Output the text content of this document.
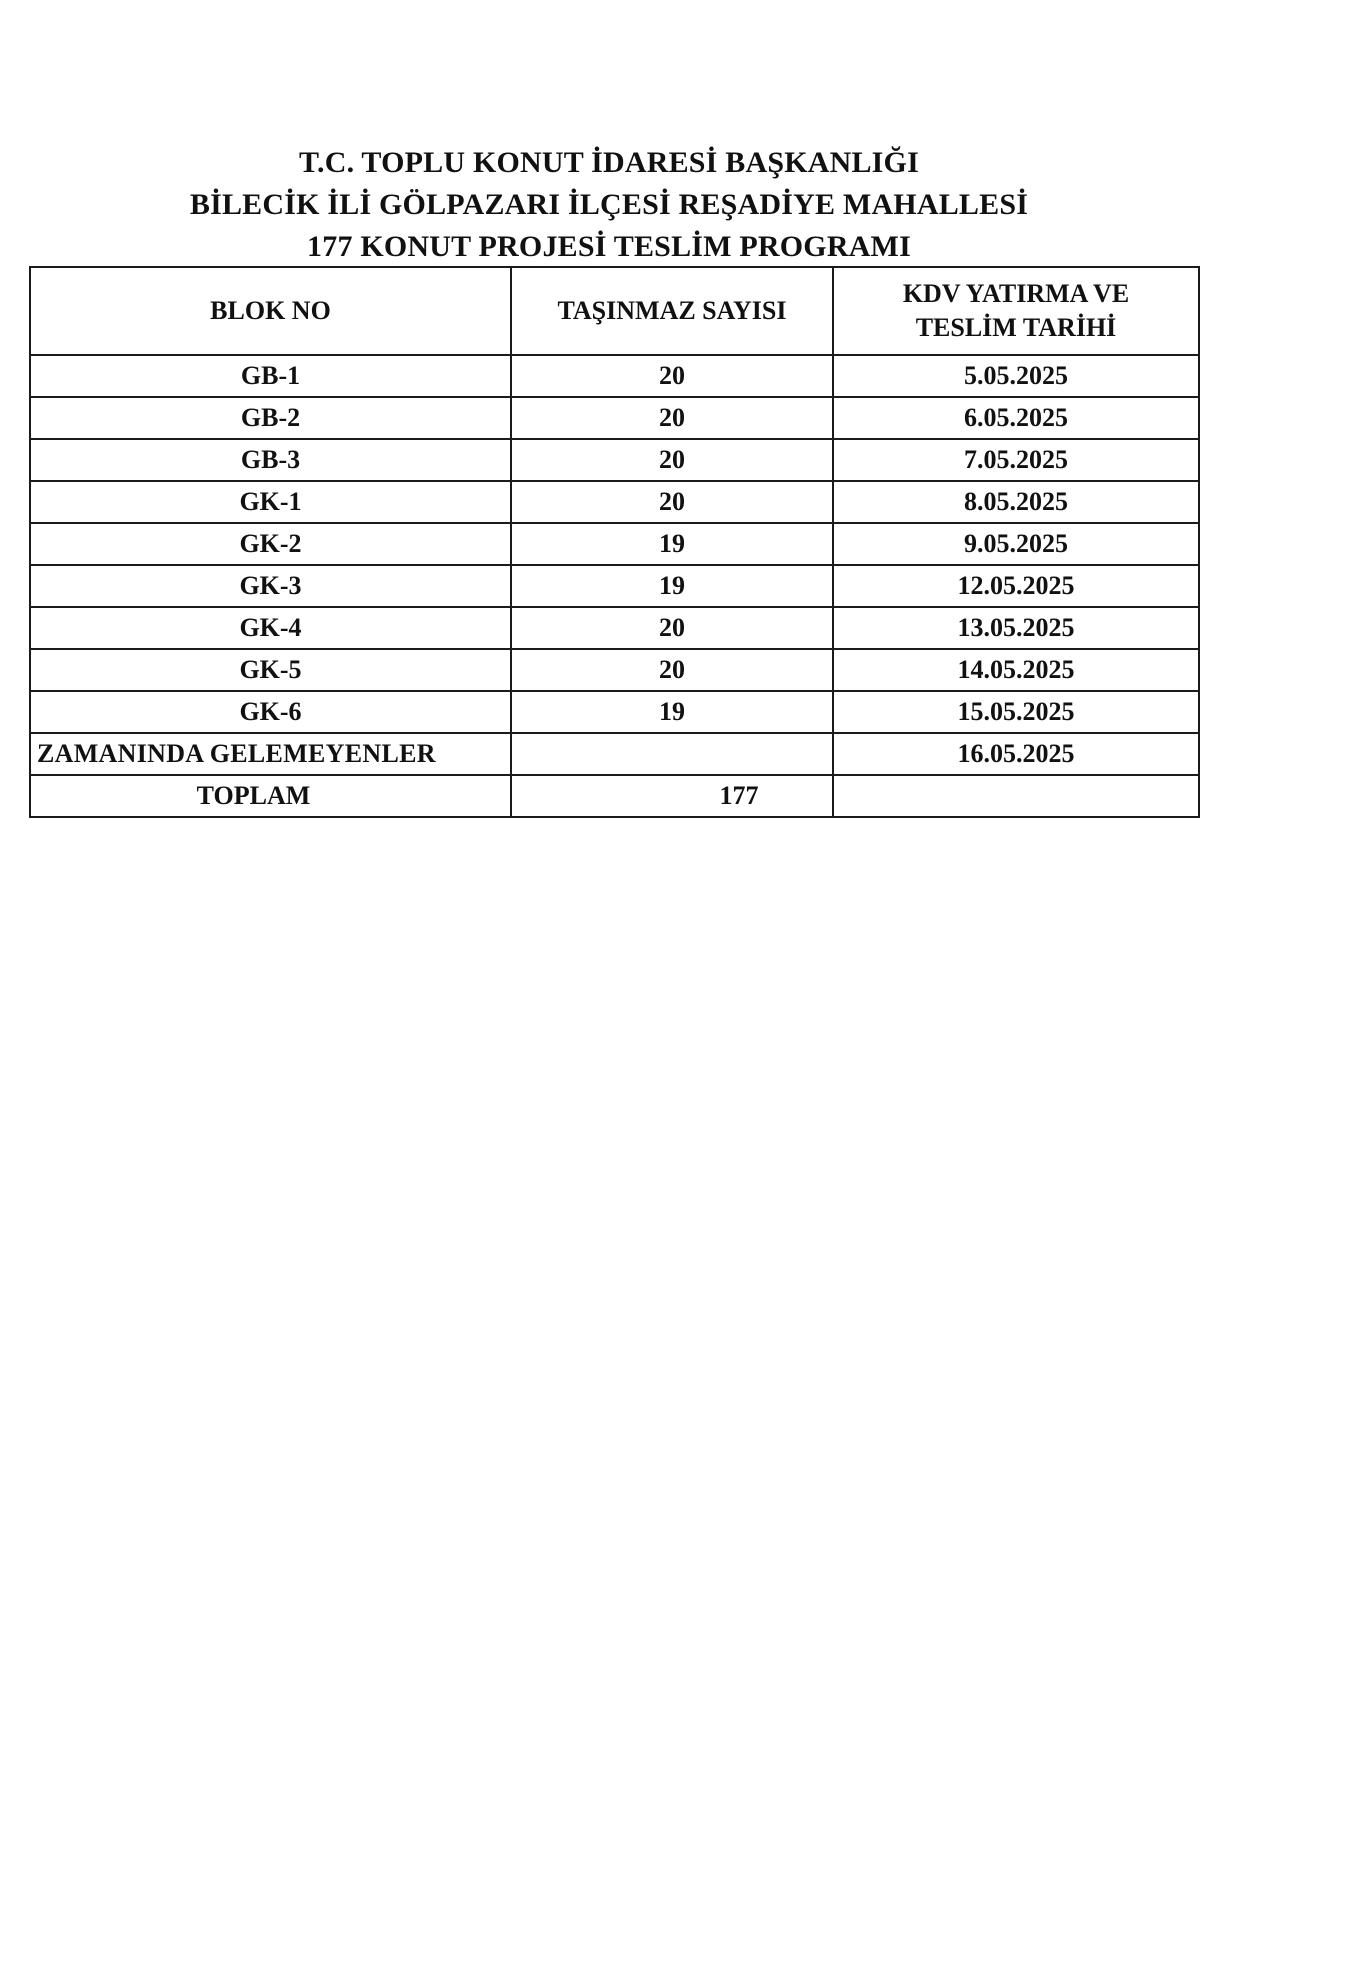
T.C. TOPLU KONUT İDARESİ BAŞKANLIĞI
BİLECİK İLİ GÖLPAZARI İLÇESİ REŞADİYE MAHALLESİ
177 KONUT PROJESİ TESLİM PROGRAMI
BLOK NO	TAŞINMAZ SAYISI	KDV YATIRMA VE
TESLİM TARİHİ

GB-1	20	5.05.2025
GB-2	20	6.05.2025
GB-3	20	7.05.2025
GK-1	20	8.05.2025
GK-2	19	9.05.2025
GK-3	19	12.05.2025
GK-4	20	13.05.2025
GK-5	20	14.05.2025
GK-6	19	15.05.2025
ZAMANINDA GELEMEYENLER		16.05.2025
TOPLAM	177	
